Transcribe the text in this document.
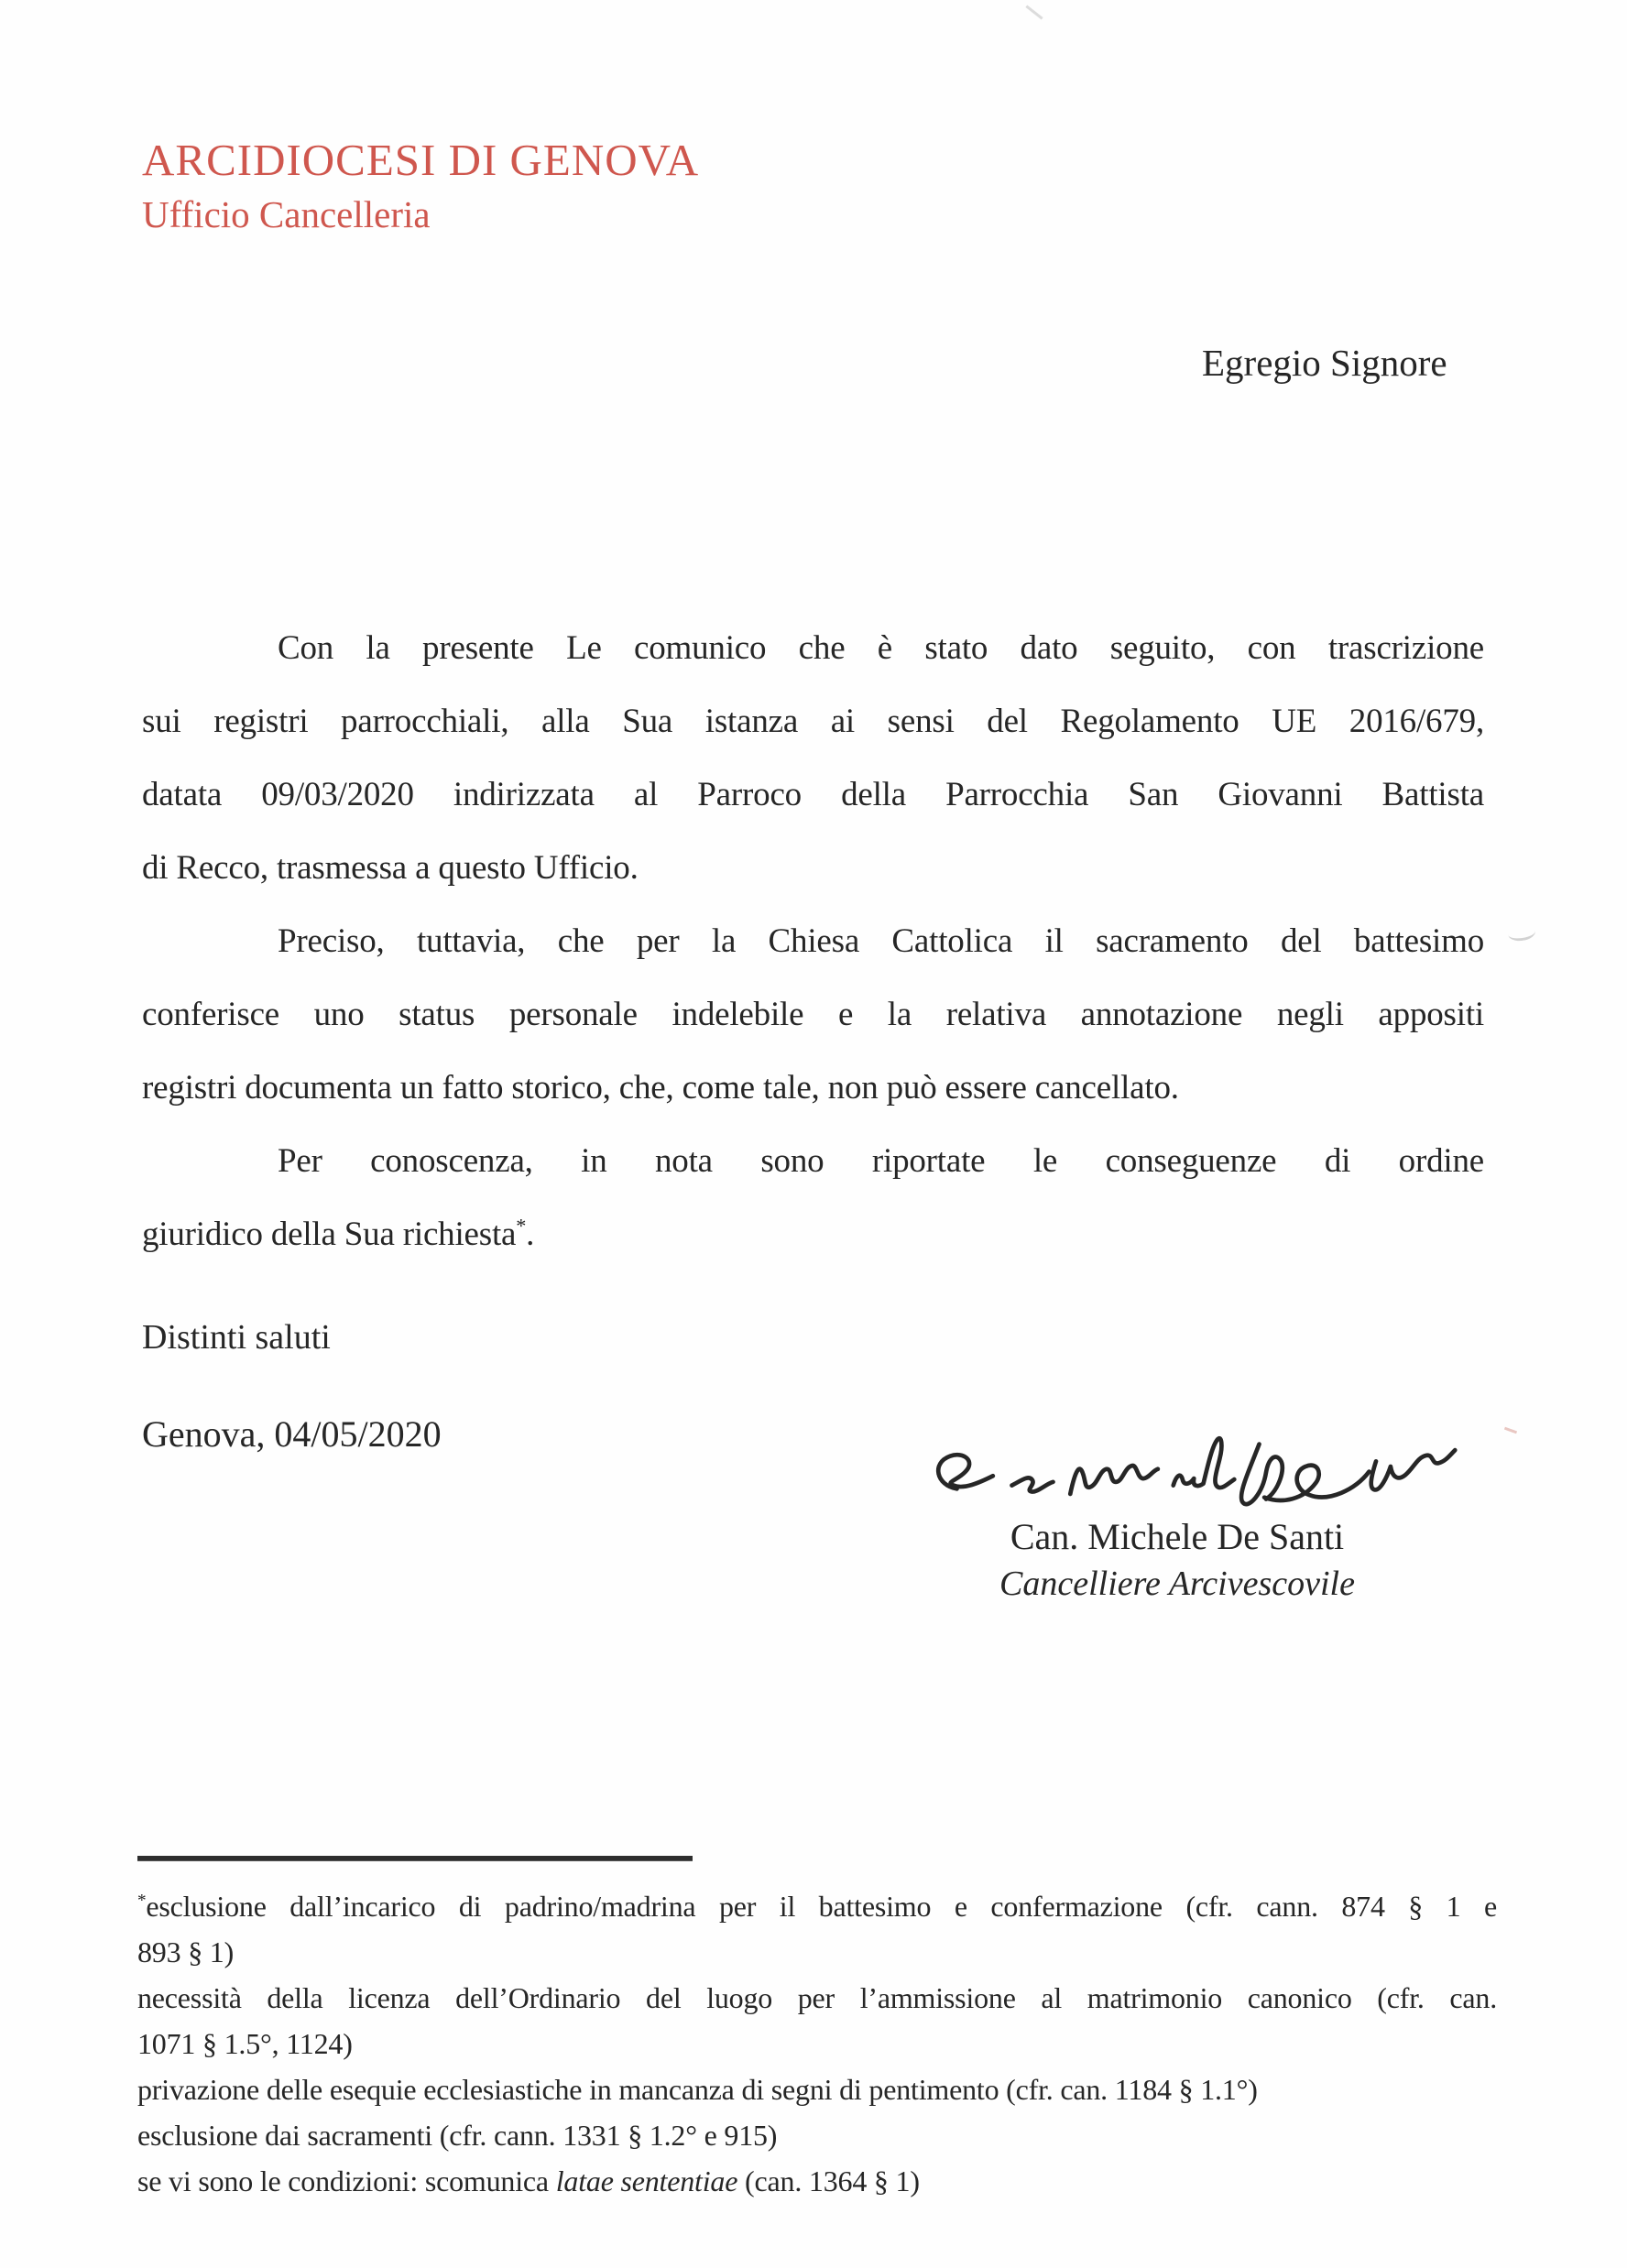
ARCIDIOCESI DI GENOVA
Ufficio Cancelleria
Egregio Signore
Con la presente Le comunico che è stato dato seguito, con trascrizione
sui registri parrocchiali, alla Sua istanza ai sensi del Regolamento UE 2016/679,
datata 09/03/2020 indirizzata al Parroco della Parrocchia San Giovanni Battista
di Recco, trasmessa a questo Ufficio.
Preciso, tuttavia, che per la Chiesa Cattolica il sacramento del battesimo
conferisce uno status personale indelebile e la relativa annotazione negli appositi
registri documenta un fatto storico, che, come tale, non può essere cancellato.
Per conoscenza, in nota sono riportate le conseguenze di ordine
giuridico della Sua richiesta*.
Distinti saluti
Genova, 04/05/2020
Can. Michele De Santi
Cancelliere Arcivescovile
*esclusione dall’incarico di padrino/madrina per il battesimo e confermazione (cfr. cann. 874 § 1 e
893 § 1)
necessità della licenza dell’Ordinario del luogo per l’ammissione al matrimonio canonico (cfr. can.
1071 § 1.5°, 1124)
privazione delle esequie ecclesiastiche in mancanza di segni di pentimento (cfr. can. 1184 § 1.1°)
esclusione dai sacramenti (cfr. cann. 1331 § 1.2° e 915)
se vi sono le condizioni: scomunica latae sententiae (can. 1364 § 1)
